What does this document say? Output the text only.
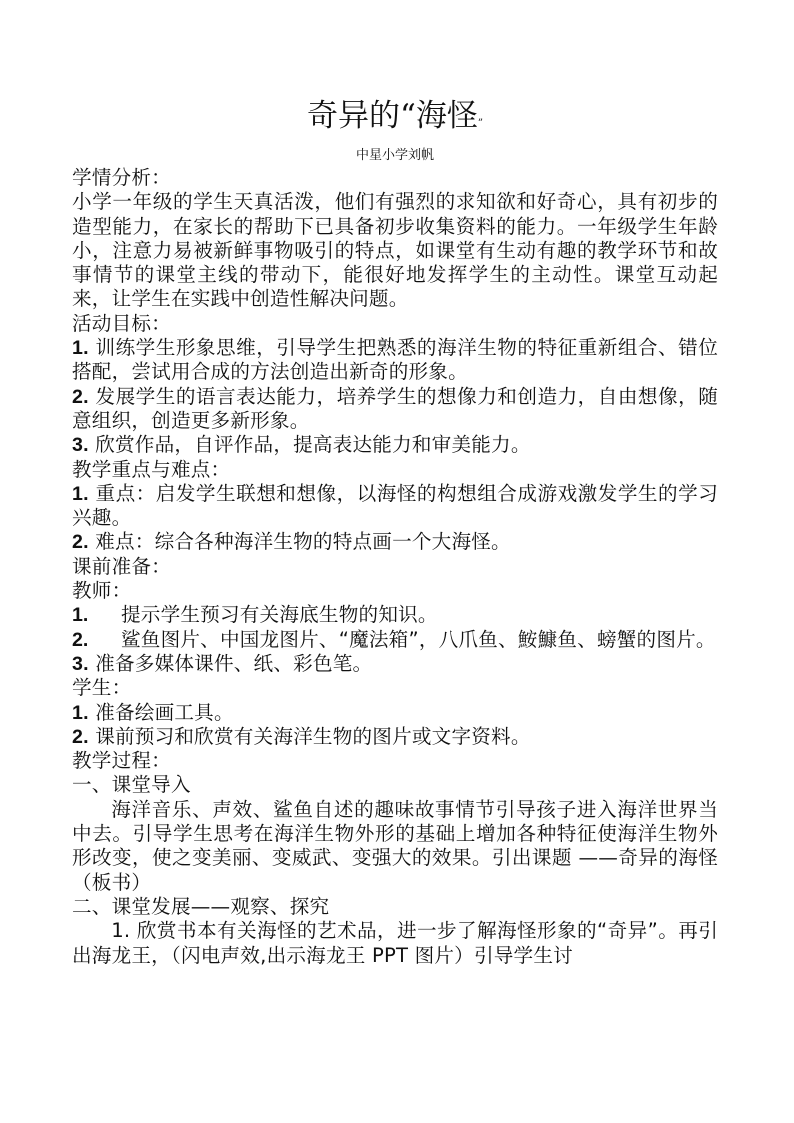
奇异的“海怪”

中星小学刘帆

学情分析：

小学一年级的学生天真活泼，他们有强烈的求知欲和好奇心，具有初步的造型能力，在家长的帮助下已具备初步收集资料的能力。一年级学生年龄小，注意力易被新鲜事物吸引的特点，如课堂有生动有趣的教学环节和故事情节的课堂主线的带动下，能很好地发挥学生的主动性。课堂互动起来，让学生在实践中创造性解决问题。

活动目标：

1. 训练学生形象思维，引导学生把熟悉的海洋生物的特征重新组合、错位搭配，尝试用合成的方法创造出新奇的形象。

2. 发展学生的语言表达能力，培养学生的想像力和创造力，自由想像，随意组织，创造更多新形象。

3. 欣赏作品，自评作品，提高表达能力和审美能力。

教学重点与难点：

1. 重点：启发学生联想和想像，以海怪的构想组合成游戏激发学生的学习兴趣。

2. 难点：综合各种海洋生物的特点画一个大海怪。

课前准备：

教师：

1.	提示学生预习有关海底生物的知识。
2.	鲨鱼图片、中国龙图片、“魔法箱”，八爪鱼、鮟鱇鱼、螃蟹的图片。

3. 准备多媒体课件、纸、彩色笔。

学生：

1. 准备绘画工具。

2. 课前预习和欣赏有关海洋生物的图片或文字资料。

教学过程：

一、课堂导入

海洋音乐、声效、鲨鱼自述的趣味故事情节引导孩子进入海洋世界当中去。引导学生思考在海洋生物外形的基础上增加各种特征使海洋生物外形改变，使之变美丽、变威武、变强大的效果。引出课题 ——奇异的海怪（板书）

二、课堂发展——观察、探究

1. 欣赏书本有关海怪的艺术品，进一步了解海怪形象的“奇异”。再引出海龙王，（闪电声效,出示海龙王 PPT 图片）引导学生讨
